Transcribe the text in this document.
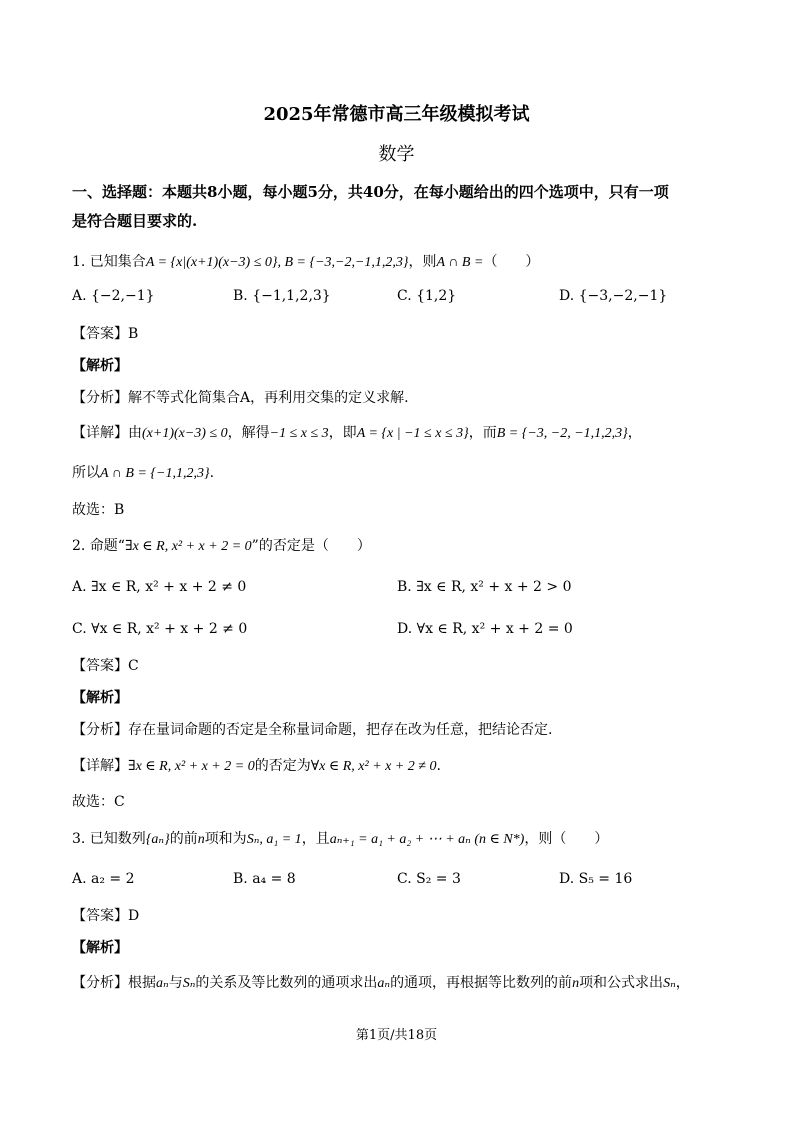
2025年常德市高三年级模拟考试
数学
一、选择题：本题共8小题，每小题5分，共40分，在每小题给出的四个选项中，只有一项
是符合题目要求的.
1. 已知集合A = {x|(x+1)(x−3) ≤ 0}, B = {−3,−2,−1,1,2,3}，则A ∩ B =（　　）
A. {−2,−1}	B. {−1,1,2,3}	C. {1,2}	D. {−3,−2,−1}
【答案】B
【解析】
【分析】解不等式化简集合A，再利用交集的定义求解.
【详解】由(x+1)(x−3) ≤ 0，解得−1 ≤ x ≤ 3，即A = {x | −1 ≤ x ≤ 3}，而B = {−3, −2, −1,1,2,3}，
所以A ∩ B = {−1,1,2,3}.
故选：B
2. 命题“∃x ∈ R, x² + x + 2 = 0”的否定是（　　）
A. ∃x ∈ R, x² + x + 2 ≠ 0	B. ∃x ∈ R, x² + x + 2 > 0
C. ∀x ∈ R, x² + x + 2 ≠ 0	D. ∀x ∈ R, x² + x + 2 = 0
【答案】C
【解析】
【分析】存在量词命题的否定是全称量词命题，把存在改为任意，把结论否定.
【详解】∃x ∈ R, x² + x + 2 = 0的否定为∀x ∈ R, x² + x + 2 ≠ 0.
故选：C
3. 已知数列{aₙ}的前n项和为Sₙ, a₁ = 1，且aₙ₊₁ = a₁ + a₂ + ⋯ + aₙ (n ∈ N*)，则（　　）
A. a₂ = 2	B. a₄ = 8	C. S₂ = 3	D. S₅ = 16
【答案】D
【解析】
【分析】根据aₙ与Sₙ的关系及等比数列的通项求出aₙ的通项，再根据等比数列的前n项和公式求出Sₙ，
第1页/共18页
